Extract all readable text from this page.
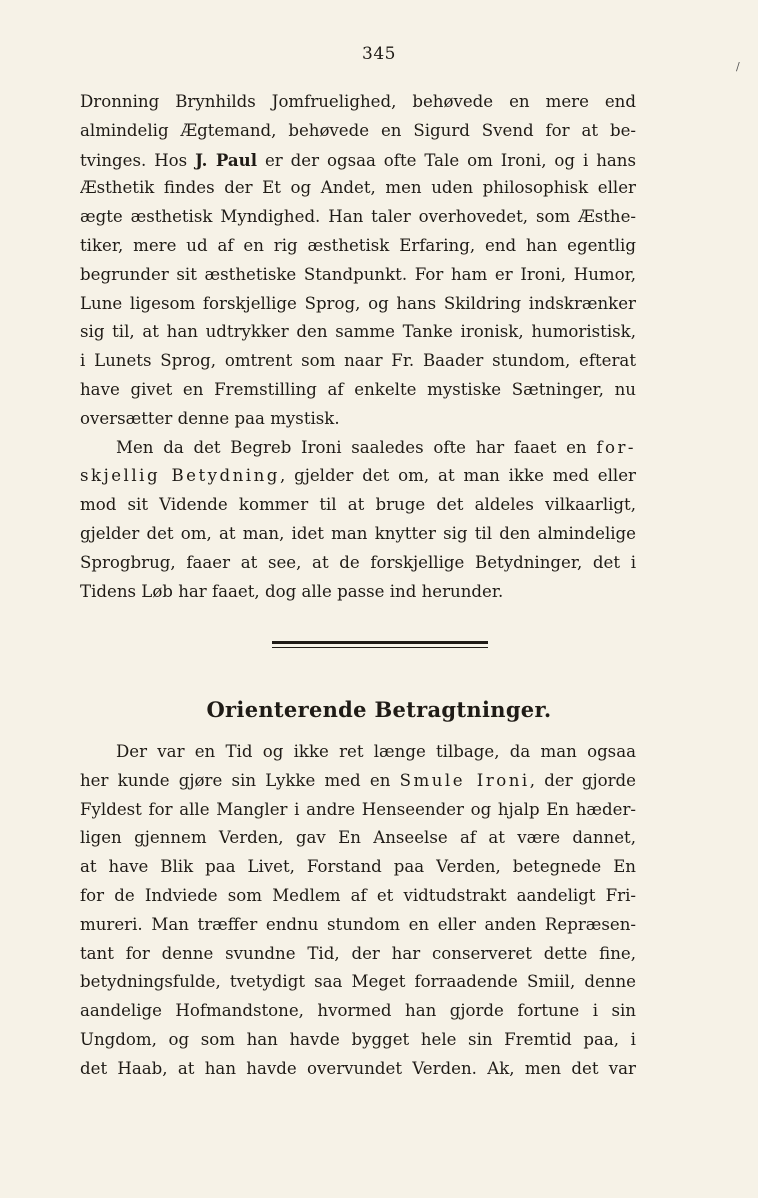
345
/
Dronning Brynhilds Jomfruelighed, behøvede en mere end
almindelig Ægtemand, behøvede en Sigurd Svend for at be-
tvinges. Hos J. Paul er der ogsaa ofte Tale om Ironi, og i hans
Æsthetik findes der Et og Andet, men uden philosophisk eller
ægte æsthetisk Myndighed. Han taler overhovedet, som Æsthe-
tiker, mere ud af en rig æsthetisk Erfaring, end han egentlig
begrunder sit æsthetiske Standpunkt. For ham er Ironi, Humor,
Lune ligesom forskjellige Sprog, og hans Skildring indskrænker
sig til, at han udtrykker den samme Tanke ironisk, humoristisk,
i Lunets Sprog, omtrent som naar Fr. Baader stundom, efterat
have givet en Fremstilling af enkelte mystiske Sætninger, nu
oversætter denne paa mystisk.
Men da det Begreb Ironi saaledes ofte har faaet en for-
skjellig Betydning, gjelder det om, at man ikke med eller
mod sit Vidende kommer til at bruge det aldeles vilkaarligt,
gjelder det om, at man, idet man knytter sig til den almindelige
Sprogbrug, faaer at see, at de forskjellige Betydninger, det i
Tidens Løb har faaet, dog alle passe ind herunder.
Orienterende Betragtninger.
Der var en Tid og ikke ret længe tilbage, da man ogsaa
her kunde gjøre sin Lykke med en Smule Ironi, der gjorde
Fyldest for alle Mangler i andre Henseender og hjalp En hæder-
ligen gjennem Verden, gav En Anseelse af at være dannet,
at have Blik paa Livet, Forstand paa Verden, betegnede En
for de Indviede som Medlem af et vidtudstrakt aandeligt Fri-
mureri. Man træffer endnu stundom en eller anden Repræsen-
tant for denne svundne Tid, der har conserveret dette fine,
betydningsfulde, tvetydigt saa Meget forraadende Smiil, denne
aandelige Hofmandstone, hvormed han gjorde fortune i sin
Ungdom, og som han havde bygget hele sin Fremtid paa, i
det Haab, at han havde overvundet Verden. Ak, men det var
